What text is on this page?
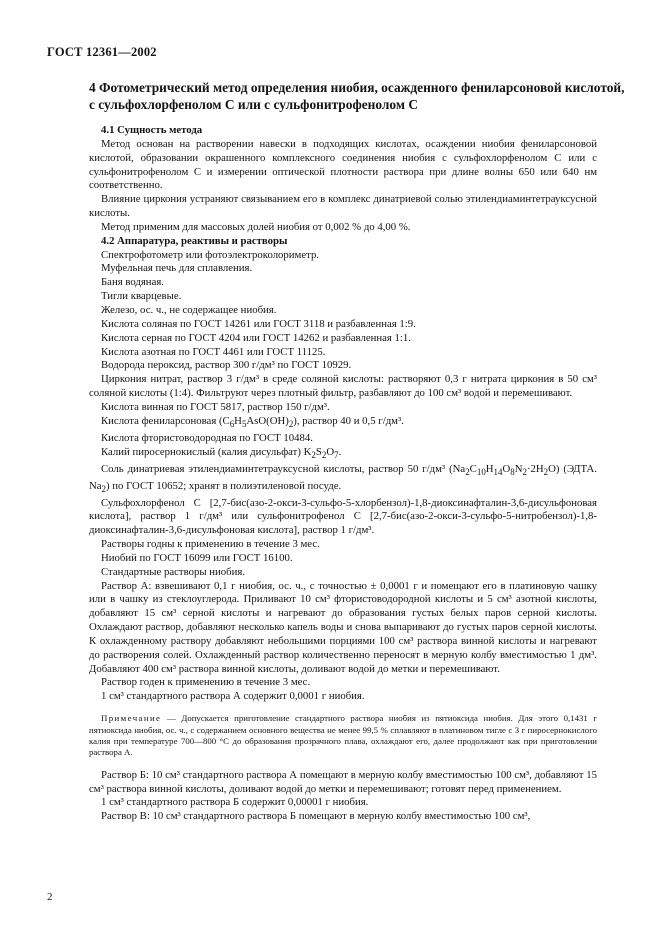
ГОСТ 12361—2002
4 Фотометрический метод определения ниобия, осажденного фениларсоновой кислотой, с сульфохлорфенолом С или с сульфонитрофенолом С

4.1 Сущность метода

Метод основан на растворении навески в подходящих кислотах, осаждении ниобия фениларсоновой кислотой, образовании окрашенного комплексного соединения ниобия с сульфохлорфенолом С или с сульфонитрофенолом С и измерении оптической плотности раствора при длине волны 650 или 640 нм соответственно.

Влияние циркония устраняют связыванием его в комплекс динатриевой солью этилендиаминтетрауксусной кислоты.

Метод применим для массовых долей ниобия от 0,002 % до 4,00 %.

4.2 Аппаратура, реактивы и растворы

Спектрофотометр или фотоэлектроколориметр.

Муфельная печь для сплавления.

Баня водяная.

Тигли кварцевые.

Железо, ос. ч., не содержащее ниобия.

Кислота соляная по ГОСТ 14261 или ГОСТ 3118 и разбавленная 1:9.

Кислота серная по ГОСТ 4204 или ГОСТ 14262 и разбавленная 1:1.

Кислота азотная по ГОСТ 4461 или ГОСТ 11125.

Водорода пероксид, раствор 300 г/дм³ по ГОСТ 10929.

Циркония нитрат, раствор 3 г/дм³ в среде соляной кислоты: растворяют 0,3 г нитрата циркония в 50 см³ соляной кислоты (1:4). Фильтруют через плотный фильтр, разбавляют до 100 см³ водой и перемешивают.

Кислота винная по ГОСТ 5817, раствор 150 г/дм³.

Кислота фениларсоновая $(C_6H_5AsO(OH)_2)$, раствор 40 и 0,5 г/дм³.

Кислота фтористоводородная по ГОСТ 10484.

Калий пиросернокислый (калия дисульфат) $K_2S_2O_7$.

Соль динатриевая этилендиаминтетрауксусной кислоты, раствор 50 г/дм³ $(Na_2C_{10}H_{14}O_8N_2\cdot 2H_2O)$ (ЭДТА. $Na_2$) по ГОСТ 10652; хранят в полиэтиленовой посуде.

Сульфохлорфенол С [2,7-бис(азо-2-окси-3-сульфо-5-хлорбензол)-1,8-диоксинафталин-3,6-дисульфоновая кислота], раствор 1 г/дм³ или сульфонитрофенол С [2,7-бис(азо-2-окси-3-сульфо-5-нитробензол)-1,8-диоксинафталин-3,6-дисульфоновая кислота], раствор 1 г/дм³.

Растворы годны к применению в течение 3 мес.

Ниобий по ГОСТ 16099 или ГОСТ 16100.

Стандартные растворы ниобия.

Раствор А: взвешивают 0,1 г ниобия, ос. ч., с точностью ± 0,0001 г и помещают его в платиновую чашку или в чашку из стеклоуглерода. Приливают 10 см³ фтористоводородной кислоты и 5 см³ азотной кислоты, добавляют 15 см³ серной кислоты и нагревают до образования густых белых паров серной кислоты. Охлаждают раствор, добавляют несколько капель воды и снова выпаривают до густых паров серной кислоты. К охлажденному раствору добавляют небольшими порциями 100 см³ раствора винной кислоты и нагревают до растворения солей. Охлажденный раствор количественно переносят в мерную колбу вместимостью 1 дм³. Добавляют 400 см³ раствора винной кислоты, доливают водой до метки и перемешивают.

Раствор годен к применению в течение 3 мес.

1 см³ стандартного раствора А содержит 0,0001 г ниобия.

Примечание — Допускается приготовление стандартного раствора ниобия из пятиоксида ниобия. Для этого 0,1431 г пятиоксида ниобия, ос. ч., с содержанием основного вещества не менее 99,5 % сплавляют в платиновом тигле с 3 г пиросернокислого калия при температуре 700—800 °С до образования прозрачного плава, охлаждают его, далее продолжают как при приготовлении раствора А.

Раствор Б: 10 см³ стандартного раствора А помещают в мерную колбу вместимостью 100 см³, добавляют 15 см³ раствора винной кислоты, доливают водой до метки и перемешивают; готовят перед применением.

1 см³ стандартного раствора Б содержит 0,00001 г ниобия.

Раствор В: 10 см³ стандартного раствора Б помещают в мерную колбу вместимостью 100 см³,

2
